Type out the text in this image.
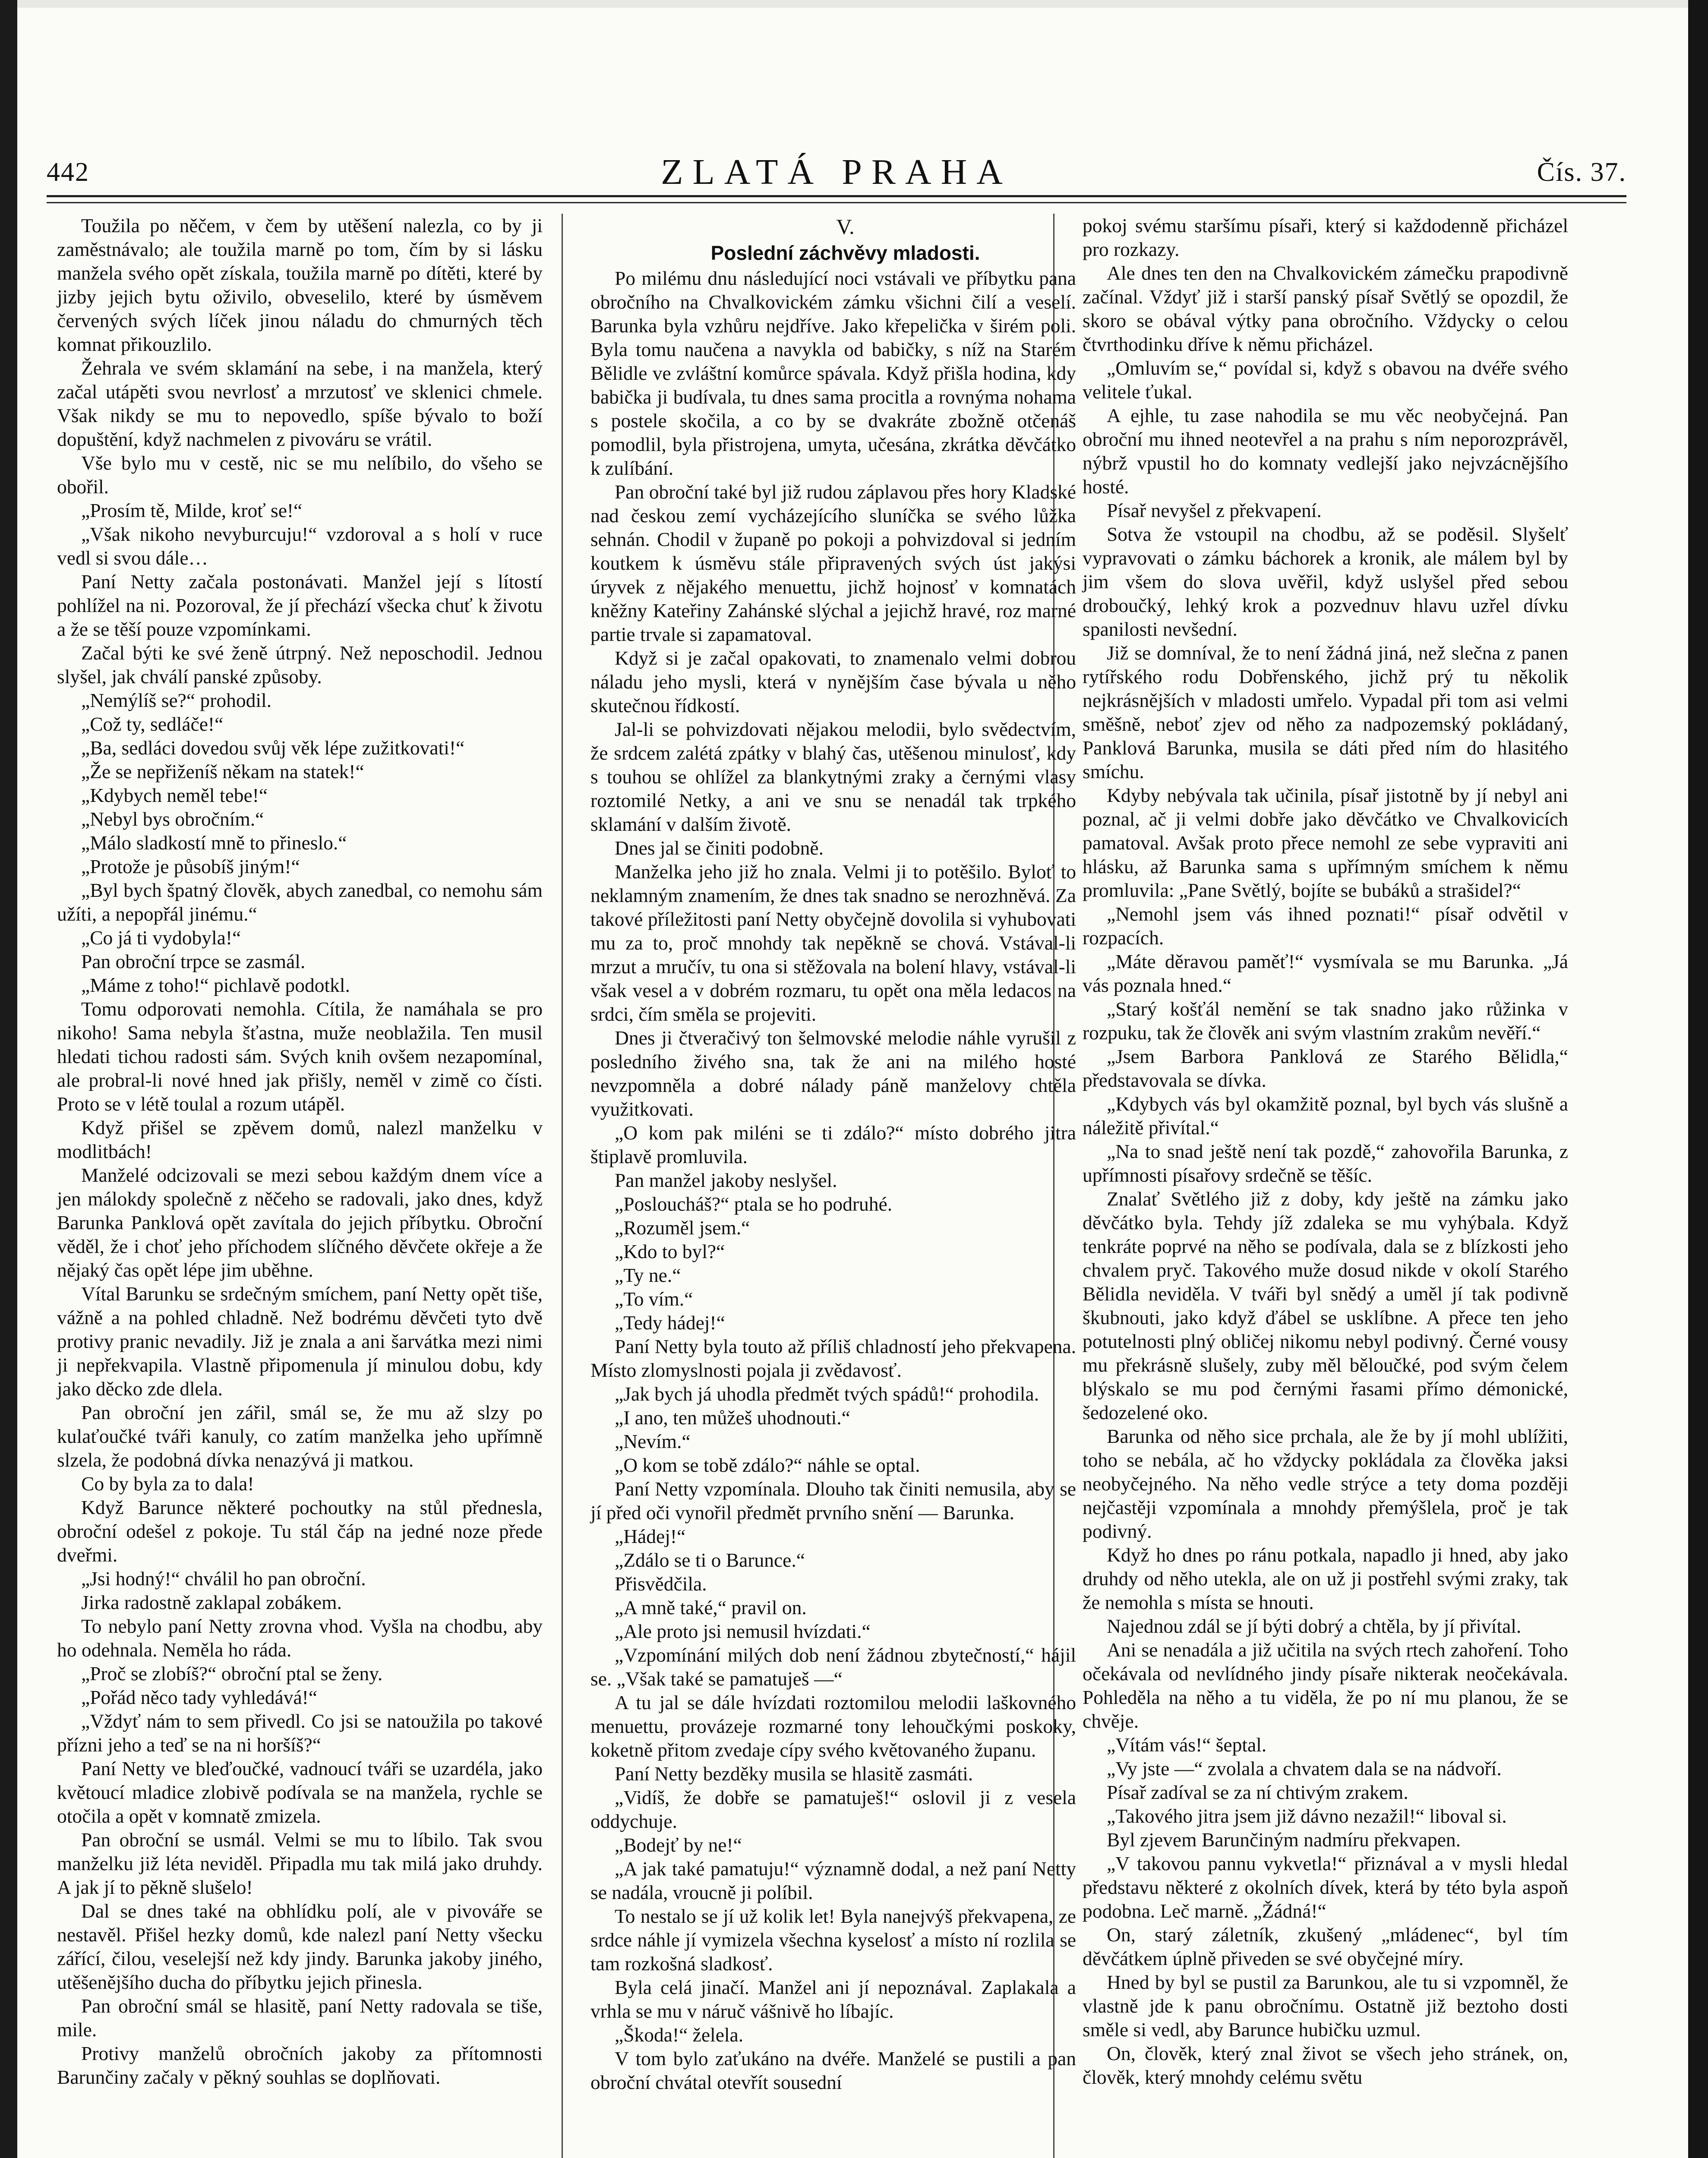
442	ZLATÁ PRAHA	Čís. 37.

Toužila po něčem, v čem by utěšení nalezla, co by ji zaměstnávalo; ale toužila marně po tom, čím by si lásku manžela svého opět získala, toužila marně po dítěti, které by jizby jejich bytu oživilo, obveselilo, které by úsměvem červených svých líček jinou náladu do chmurných těch komnat přikouzlilo.

Žehrala ve svém sklamání na sebe, i na manžela, který začal utápěti svou nevrlosť a mrzutosť ve sklenici chmele. Však nikdy se mu to nepovedlo, spíše bývalo to boží dopuštění, když nachmelen z pivováru se vrátil.

Vše bylo mu v cestě, nic se mu nelíbilo, do všeho se obořil.

„Prosím tě, Milde, kroť se!“

„Však nikoho nevyburcuju!“ vzdoroval a s holí v ruce vedl si svou dále…

Paní Netty začala postonávati. Manžel její s lítostí pohlížel na ni. Pozoroval, že jí přechází všecka chuť k životu a že se těší pouze vzpomínkami.

Začal býti ke své ženě útrpný. Než neposchodil. Jednou slyšel, jak chválí panské způsoby.

„Nemýlíš se?“ prohodil.

„Což ty, sedláče!“

„Ba, sedláci dovedou svůj věk lépe zužitkovati!“

„Že se nepřiženíš někam na statek!“

„Kdybych neměl tebe!“

„Nebyl bys obročním.“

„Málo sladkostí mně to přineslo.“

„Protože je působíš jiným!“

„Byl bych špatný člověk, abych zanedbal, co nemohu sám užíti, a nepopřál jinému.“

„Co já ti vydobyla!“

Pan obroční trpce se zasmál.

„Máme z toho!“ pichlavě podotkl.

Tomu odporovati nemohla. Cítila, že namáhala se pro nikoho! Sama nebyla šťastna, muže neoblažila. Ten musil hledati tichou radosti sám. Svých knih ovšem nezapomínal, ale probral-li nové hned jak přišly, neměl v zimě co čísti. Proto se v létě toulal a rozum utápěl.

Když přišel se zpěvem domů, nalezl manželku v modlitbách!

Manželé odcizovali se mezi sebou každým dnem více a jen málokdy společně z něčeho se radovali, jako dnes, když Barunka Panklová opět zavítala do jejich příbytku. Obroční věděl, že i choť jeho příchodem slíčného děvčete okřeje a že nějaký čas opět lépe jim uběhne.

Vítal Barunku se srdečným smíchem, paní Netty opět tiše, vážně a na pohled chladně. Než bodrému děvčeti tyto dvě protivy pranic nevadily. Již je znala a ani šarvátka mezi nimi ji nepřekvapila. Vlastně připomenula jí minulou dobu, kdy jako děcko zde dlela.

Pan obroční jen zářil, smál se, že mu až slzy po kulaťoučké tváři kanuly, co zatím manželka jeho upřímně slzela, že podobná dívka nenazývá ji matkou.

Co by byla za to dala!

Když Barunce některé pochoutky na stůl přednesla, obroční odešel z pokoje. Tu stál čáp na jedné noze přede dveřmi.

„Jsi hodný!“ chválil ho pan obroční.

Jirka radostně zaklapal zobákem.

To nebylo paní Netty zrovna vhod. Vyšla na chodbu, aby ho odehnala. Neměla ho ráda.

„Proč se zlobíš?“ obroční ptal se ženy.

„Pořád něco tady vyhledává!“

„Vždyť nám to sem přivedl. Co jsi se natoužila po takové přízni jeho a teď se na ni horšíš?“

Paní Netty ve bleďoučké, vadnoucí tváři se uzardéla, jako květoucí mladice zlobivě podívala se na manžela, rychle se otočila a opět v komnatě zmizela.

Pan obroční se usmál. Velmi se mu to líbilo. Tak svou manželku již léta neviděl. Připadla mu tak milá jako druhdy. A jak jí to pěkně slušelo!

Dal se dnes také na obhlídku polí, ale v pivováře se nestavěl. Přišel hezky domů, kde nalezl paní Netty všecku zářící, čilou, veselejší než kdy jindy. Barunka jakoby jiného, utěšenějšího ducha do příbytku jejich přinesla.

Pan obroční smál se hlasitě, paní Netty radovala se tiše, mile.

Protivy manželů obročních jakoby za přítomnosti Barunčiny začaly v pěkný souhlas se doplňovati.

V.

Poslední záchvěvy mladosti.

Po milému dnu následující noci vstávali ve příbytku pana obročního na Chvalkovickém zámku všichni čilí a veselí. Barunka byla vzhůru nejdříve. Jako křepelička v širém poli. Byla tomu naučena a navykla od babičky, s níž na Starém Bělidle ve zvláštní komůrce spávala. Když přišla hodina, kdy babička ji budívala, tu dnes sama procitla a rovnýma nohama s postele skočila, a co by se dvakráte zbožně otčenáš pomodlil, byla přistrojena, umyta, učesána, zkrátka děvčátko k zulíbání.

Pan obroční také byl již rudou záplavou přes hory Kladské nad českou zemí vycházejícího sluníčka se svého lůžka sehnán. Chodil v županě po pokoji a pohvizdoval si jedním koutkem k úsměvu stále připravených svých úst jakýsi úryvek z nějakého menuettu, jichž hojnosť v komnatách kněžny Kateřiny Zahánské slýchal a jejichž hravé, roz marné partie trvale si zapamatoval.

Když si je začal opakovati, to znamenalo velmi dobrou náladu jeho mysli, která v nynějším čase bývala u něho skutečnou řídkostí.

Jal-li se pohvizdovati nějakou melodii, bylo svědectvím, že srdcem zalétá zpátky v blahý čas, utěšenou minulosť, kdy s touhou se ohlížel za blankytnými zraky a černými vlasy roztomilé Netky, a ani ve snu se nenadál tak trpkého sklamání v dalším životě.

Dnes jal se činiti podobně.

Manželka jeho již ho znala. Velmi ji to potěšilo. Byloť to neklamným znamením, že dnes tak snadno se nerozhněvá. Za takové příležitosti paní Netty obyčejně dovolila si vyhubovati mu za to, proč mnohdy tak nepěkně se chová. Vstával-li mrzut a mručív, tu ona si stěžovala na bolení hlavy, vstával-li však vesel a v dobrém rozmaru, tu opět ona měla ledacos na srdci, čím směla se projeviti.

Dnes ji čtveračivý ton šelmovské melodie náhle vyrušil z posledního živého sna, tak že ani na milého hosté nevzpomněla a dobré nálady páně manželovy chtěla využitkovati.

„O kom pak miléni se ti zdálo?“ místo dobrého jitra štiplavě promluvila.

Pan manžel jakoby neslyšel.

„Posloucháš?“ ptala se ho podruhé.

„Rozuměl jsem.“

„Kdo to byl?“

„Ty ne.“

„To vím.“

„Tedy hádej!“

Paní Netty byla touto až příliš chladností jeho překvapena. Místo zlomyslnosti pojala ji zvědavosť.

„Jak bych já uhodla předmět tvých spádů!“ prohodila.

„I ano, ten můžeš uhodnouti.“

„Nevím.“

„O kom se tobě zdálo?“ náhle se optal.

Paní Netty vzpomínala. Dlouho tak činiti nemusila, aby se jí před oči vynořil předmět prvního snění — Barunka.

„Hádej!“

„Zdálo se ti o Barunce.“

Přisvědčila.

„A mně také,“ pravil on.

„Ale proto jsi nemusil hvízdati.“

„Vzpomínání milých dob není žádnou zbytečností,“ hájil se. „Však také se pamatuješ —“

A tu jal se dále hvízdati roztomilou melodii laškovného menuettu, provázeje rozmarné tony lehoučkými poskoky, koketně přitom zvedaje cípy svého květovaného županu.

Paní Netty bezděky musila se hlasitě zasmáti.

„Vidíš, že dobře se pamatuješ!“ oslovil ji z vesela oddychuje.

„Bodejť by ne!“

„A jak také pamatuju!“ významně dodal, a než paní Netty se nadála, vroucně ji políbil.

To nestalo se jí už kolik let! Byla nanejvýš překvapena, ze srdce náhle jí vymizela všechna kyselosť a místo ní rozlila se tam rozkošná sladkosť.

Byla celá jinačí. Manžel ani jí nepoznával. Zaplakala a vrhla se mu v náruč vášnivě ho líbajíc.

„Škoda!“ želela.

V tom bylo zaťukáno na dvéře. Manželé se pustili a pan obroční chvátal otevřít sousední

pokoj svému staršímu písaři, který si každodenně přicházel pro rozkazy.

Ale dnes ten den na Chvalkovickém zámečku prapodivně začínal. Vždyť již i starší panský písař Světlý se opozdil, že skoro se obával výtky pana obročního. Vždycky o celou čtvrthodinku dříve k němu přicházel.

„Omluvím se,“ povídal si, když s obavou na dvéře svého velitele ťukal.

A ejhle, tu zase nahodila se mu věc neobyčejná. Pan obroční mu ihned neotevřel a na prahu s ním neporozprávěl, nýbrž vpustil ho do komnaty vedlejší jako nejvzácnějšího hosté.

Písař nevyšel z překvapení.

Sotva že vstoupil na chodbu, až se poděsil. Slyšelť vypravovati o zámku báchorek a kronik, ale málem byl by jim všem do slova uvěřil, když uslyšel před sebou droboučký, lehký krok a pozvednuv hlavu uzřel dívku spanilosti nevšední.

Již se domníval, že to není žádná jiná, než slečna z panen rytířského rodu Dobřenského, jichž prý tu několik nejkrásnějších v mladosti umřelo. Vypadal při tom asi velmi směšně, neboť zjev od něho za nadpozemský pokládaný, Panklová Barunka, musila se dáti před ním do hlasitého smíchu.

Kdyby nebývala tak učinila, písař jistotně by jí nebyl ani poznal, ač ji velmi dobře jako děvčátko ve Chvalkovicích pamatoval. Avšak proto přece nemohl ze sebe vypraviti ani hlásku, až Barunka sama s upřímným smíchem k němu promluvila: „Pane Světlý, bojíte se bubáků a strašidel?“

„Nemohl jsem vás ihned poznati!“ písař odvětil v rozpacích.

„Máte děravou paměť!“ vysmívala se mu Barunka. „Já vás poznala hned.“

„Starý košťál nemění se tak snadno jako růžinka v rozpuku, tak že člověk ani svým vlastním zrakům nevěří.“

„Jsem Barbora Panklová ze Starého Bělidla,“ představovala se dívka.

„Kdybych vás byl okamžitě poznal, byl bych vás slušně a náležitě přivítal.“

„Na to snad ještě není tak pozdě,“ zahovořila Barunka, z upřímnosti písařovy srdečně se těšíc.

Znalať Světlého již z doby, kdy ještě na zámku jako děvčátko byla. Tehdy jíž zdaleka se mu vyhýbala. Když tenkráte poprvé na něho se podívala, dala se z blízkosti jeho chvalem pryč. Takového muže dosud nikde v okolí Starého Bělidla neviděla. V tváři byl snědý a uměl jí tak podivně škubnouti, jako když ďábel se usklíbne. A přece ten jeho potutelnosti plný obličej nikomu nebyl podivný. Černé vousy mu překrásně slušely, zuby měl běloučké, pod svým čelem blýskalo se mu pod černými řasami přímo démonické, šedozelené oko.

Barunka od něho sice prchala, ale že by jí mohl ublížiti, toho se nebála, ač ho vždycky pokládala za člověka jaksi neobyčejného. Na něho vedle strýce a tety doma později nejčastěji vzpomínala a mnohdy přemýšlela, proč je tak podivný.

Když ho dnes po ránu potkala, napadlo ji hned, aby jako druhdy od něho utekla, ale on už ji postřehl svými zraky, tak že nemohla s místa se hnouti.

Najednou zdál se jí býti dobrý a chtěla, by jí přivítal.

Ani se nenadála a již učitila na svých rtech zahoření. Toho očekávala od nevlídného jindy písaře nikterak neočekávala. Pohleděla na něho a tu viděla, že po ní mu planou, že se chvěje.

„Vítám vás!“ šeptal.

„Vy jste —“ zvolala a chvatem dala se na nádvoří.

Písař zadíval se za ní chtivým zrakem.

„Takového jitra jsem již dávno nezažil!“ liboval si.

Byl zjevem Barunčiným nadmíru překvapen.

„V takovou pannu vykvetla!“ přiznával a v mysli hledal představu některé z okolních dívek, která by této byla aspoň podobna. Leč marně. „Žádná!“

On, starý záletník, zkušený „mládenec“, byl tím děvčátkem úplně přiveden se své obyčejné míry.

Hned by byl se pustil za Barunkou, ale tu si vzpomněl, že vlastně jde k panu obročnímu. Ostatně již beztoho dosti směle si vedl, aby Barunce hubičku uzmul.

On, člověk, který znal život se všech jeho stránek, on, člověk, který mnohdy celému světu
